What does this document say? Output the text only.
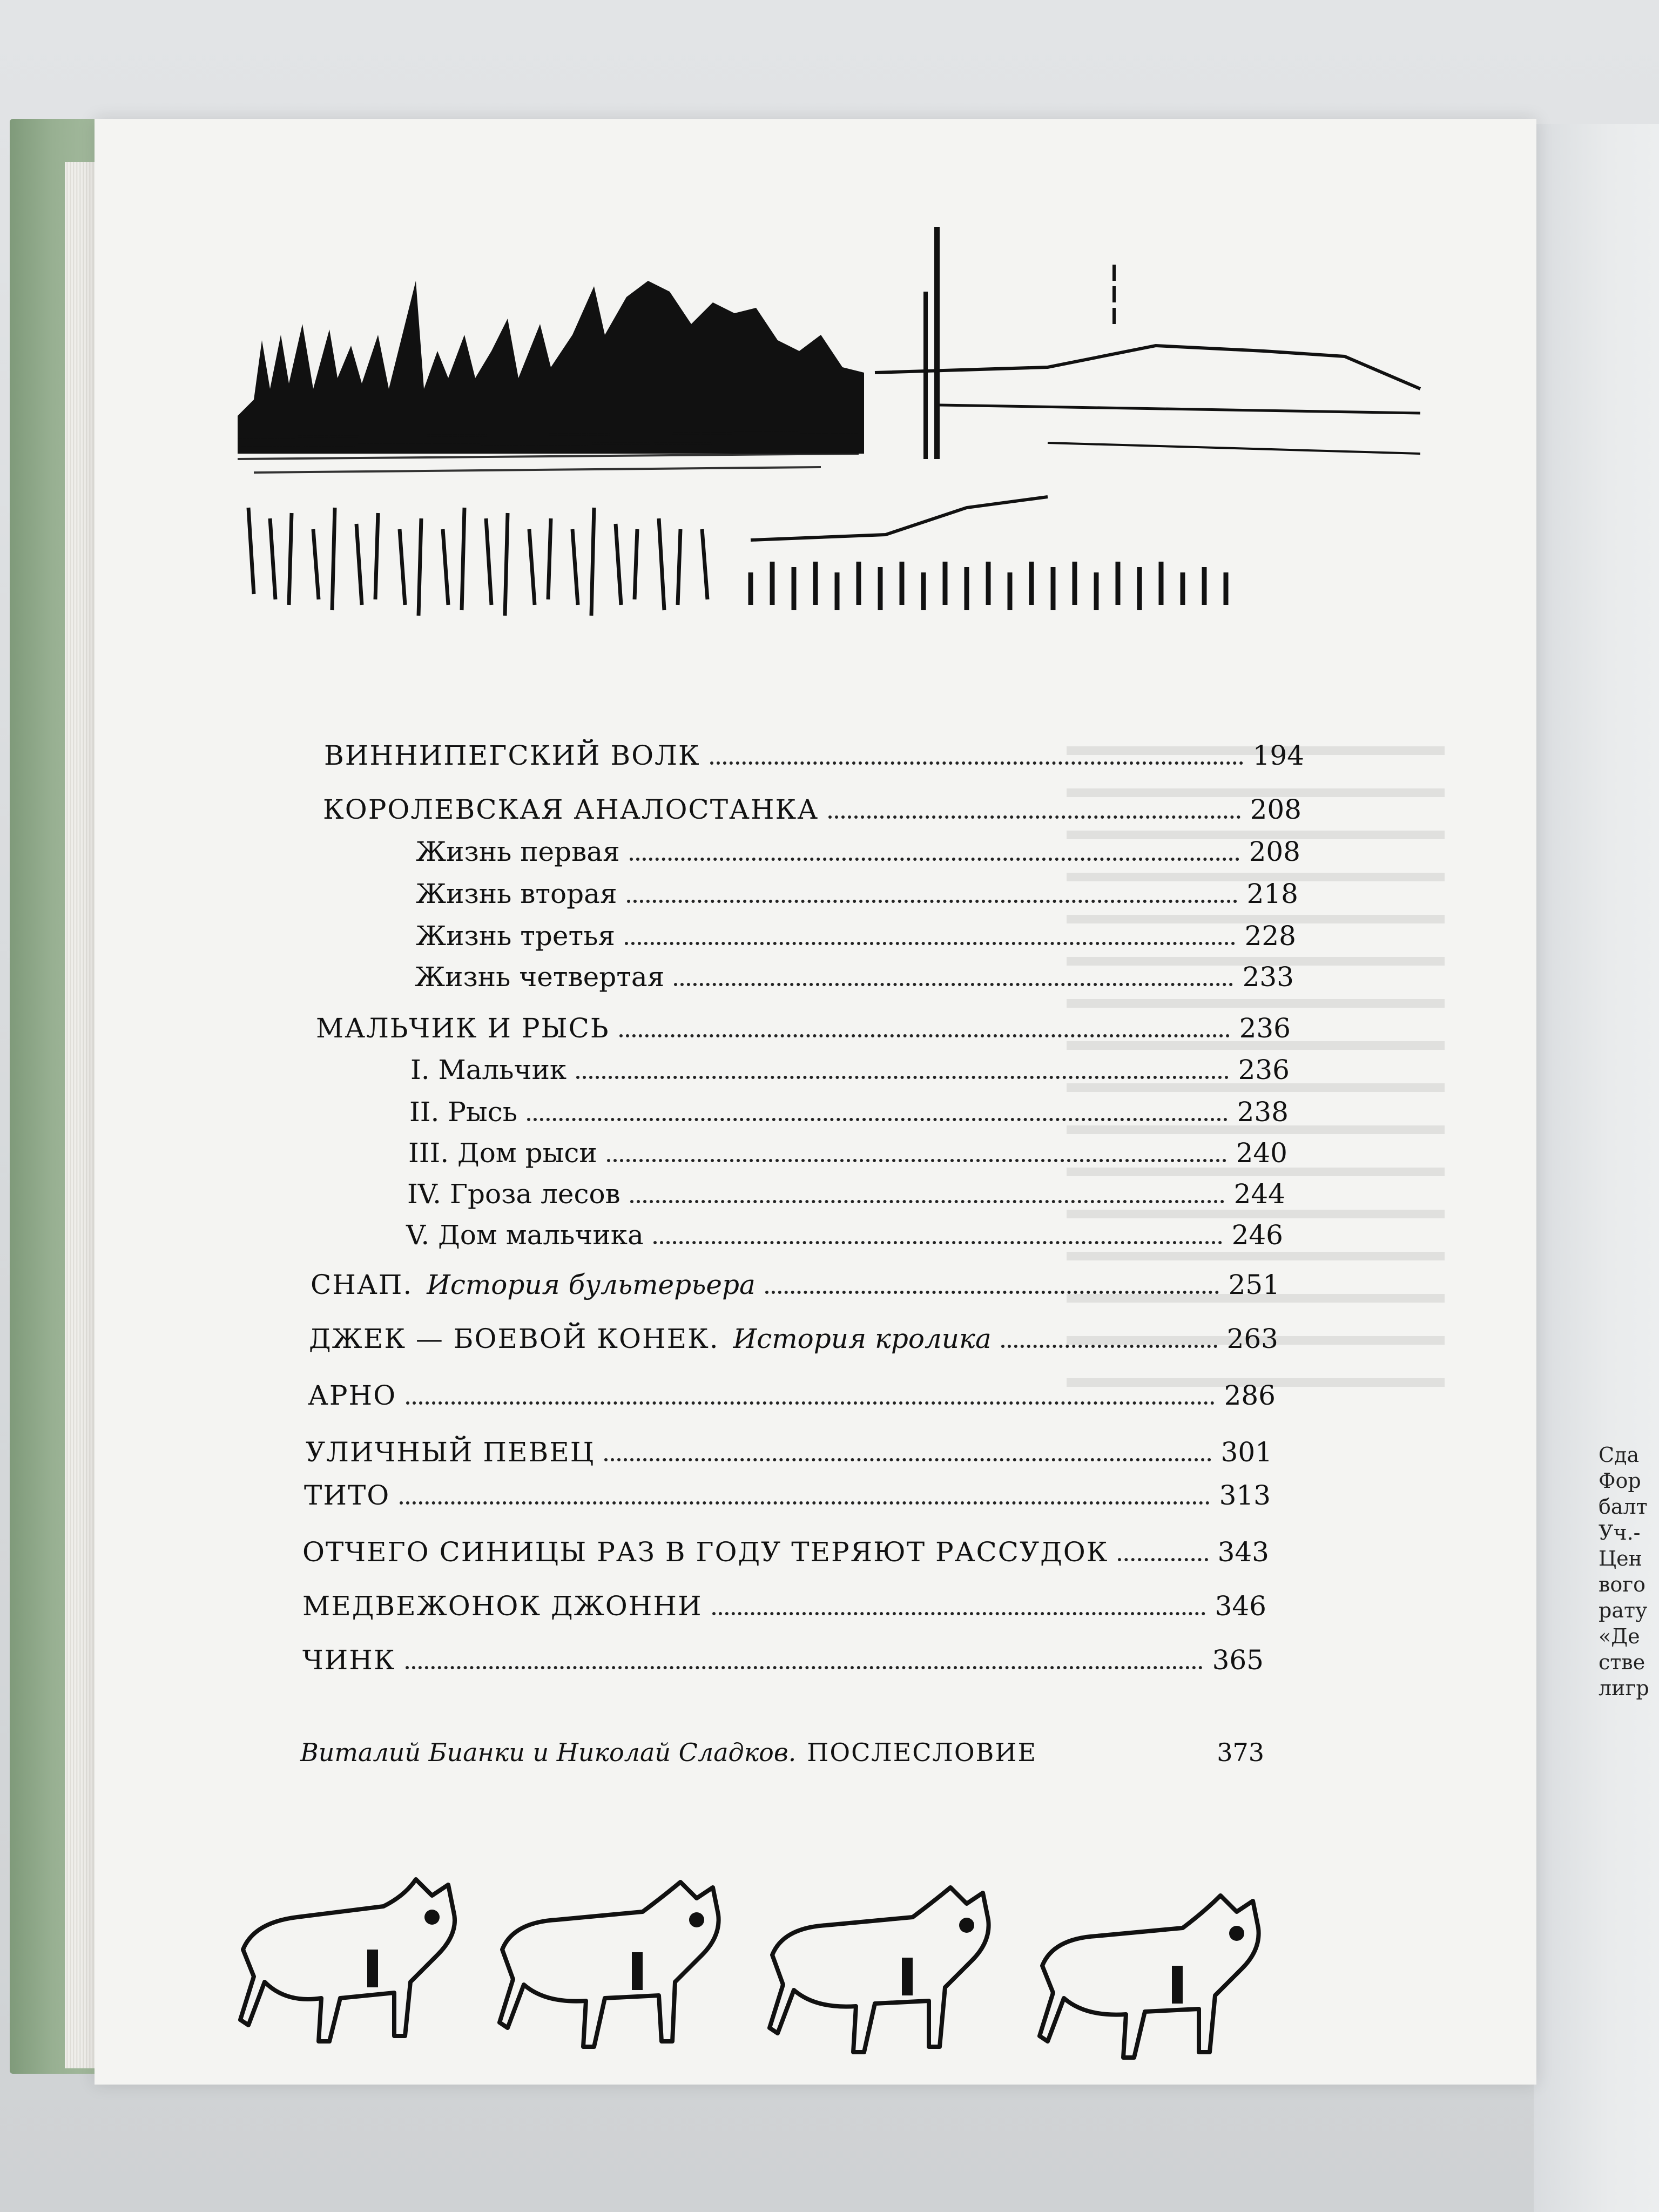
Сда
Фор
балт
Уч.-
Цен
вого
рату
«Де
стве
лигр
ВИННИПЕГСКИЙ ВОЛК	194
КОРОЛЕВСКАЯ АНАЛОСТАНКА	208
Жизнь первая	208
Жизнь вторая	218
Жизнь третья	228
Жизнь четвертая	233
МАЛЬЧИК И РЫСЬ	236
I. Мальчик	236
II. Рысь	238
III. Дом рыси	240
IV. Гроза лесов	244
V. Дом мальчика	246
СНАП. История бультерьера	251
ДЖЕК — БОЕВОЙ КОНЕК. История кролика	263
АРНО	286
УЛИЧНЫЙ ПЕВЕЦ	301
ТИТО	313
ОТЧЕГО СИНИЦЫ РАЗ В ГОДУ ТЕРЯЮТ РАССУДОК	343
МЕДВЕЖОНОК ДЖОННИ	346
ЧИНК	365
Виталий Бианки и Николай Сладков. ПОСЛЕСЛОВИЕ	373
